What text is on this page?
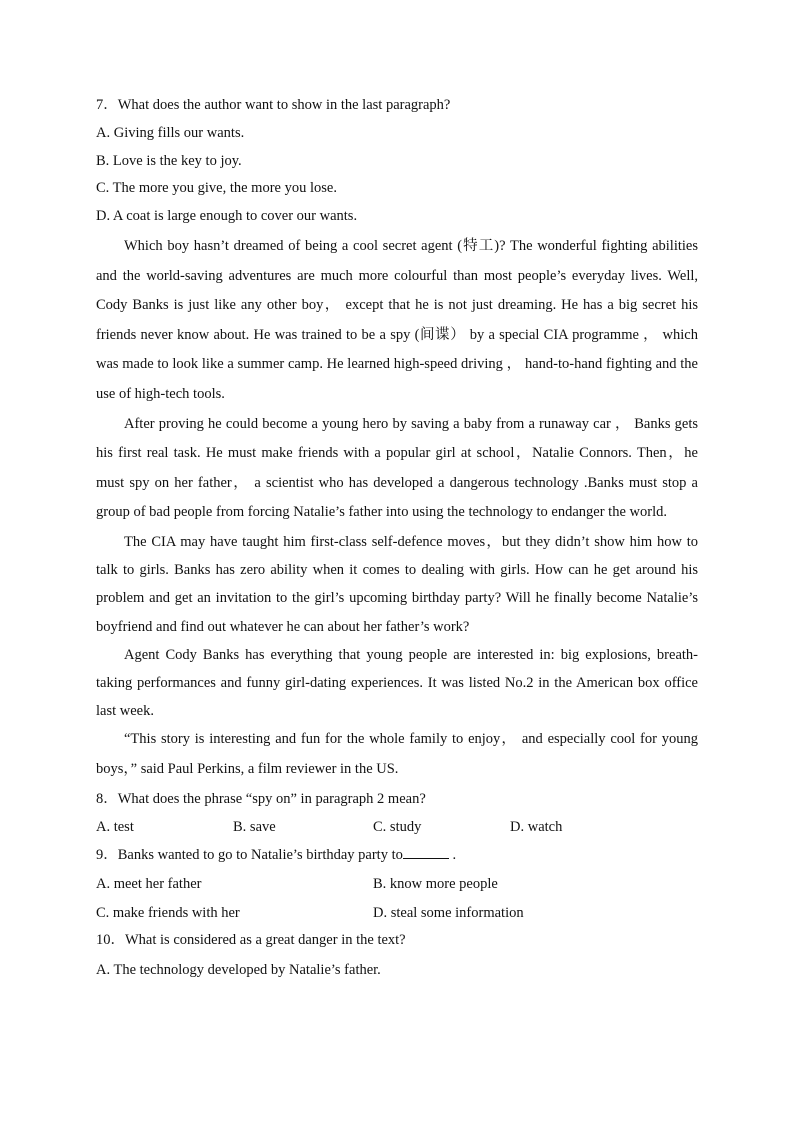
7．What does the author want to show in the last paragraph?
A. Giving fills our wants.
B. Love is the key to joy.
C. The more you give, the more you lose.
D. A coat is large enough to cover our wants.

Which boy hasn’t dreamed of being a cool secret agent (特工)? The wonderful fighting abilities and the world-saving adventures are much more colourful than most people’s everyday lives. Well, Cody Banks is just like any other boy， except that he is not just dreaming. He has a big secret his friends never know about. He was trained to be a spy (间谍） by a special CIA programme ， which was made to look like a summer camp. He learned high-speed driving ， hand-to-hand fighting and the use of high-tech tools.

After proving he could become a young hero by saving a baby from a runaway car ， Banks gets his first real task. He must make friends with a popular girl at school，Natalie Connors. Then，he must spy on her father， a scientist who has developed a dangerous technology .Banks must stop a group of bad people from forcing Natalie’s father into using the technology to endanger the world.

The CIA may have taught him first-class self-defence moves，but they didn’t show him how to talk to girls. Banks has zero ability when it comes to dealing with girls. How can he get around his problem and get an invitation to the girl’s upcoming birthday party? Will he finally become Natalie’s boyfriend and find out whatever he can about her father’s work?

Agent Cody Banks has everything that young people are interested in: big explosions, breath-taking performances and funny girl-dating experiences. It was listed No.2 in the American box office last week.

“This story is interesting and fun for the whole family to enjoy， and especially cool for young boys，” said Paul Perkins, a film reviewer in the US.

8．What does the phrase “spy on” in paragraph 2 mean?
A. test	B. save	C. study	D. watch
9．Banks wanted to go to Natalie’s birthday party to	.
A. meet her father	B. know more people
C. make friends with her	D. steal some information
10．What is considered as a great danger in the text?
A. The technology developed by Natalie’s father.
